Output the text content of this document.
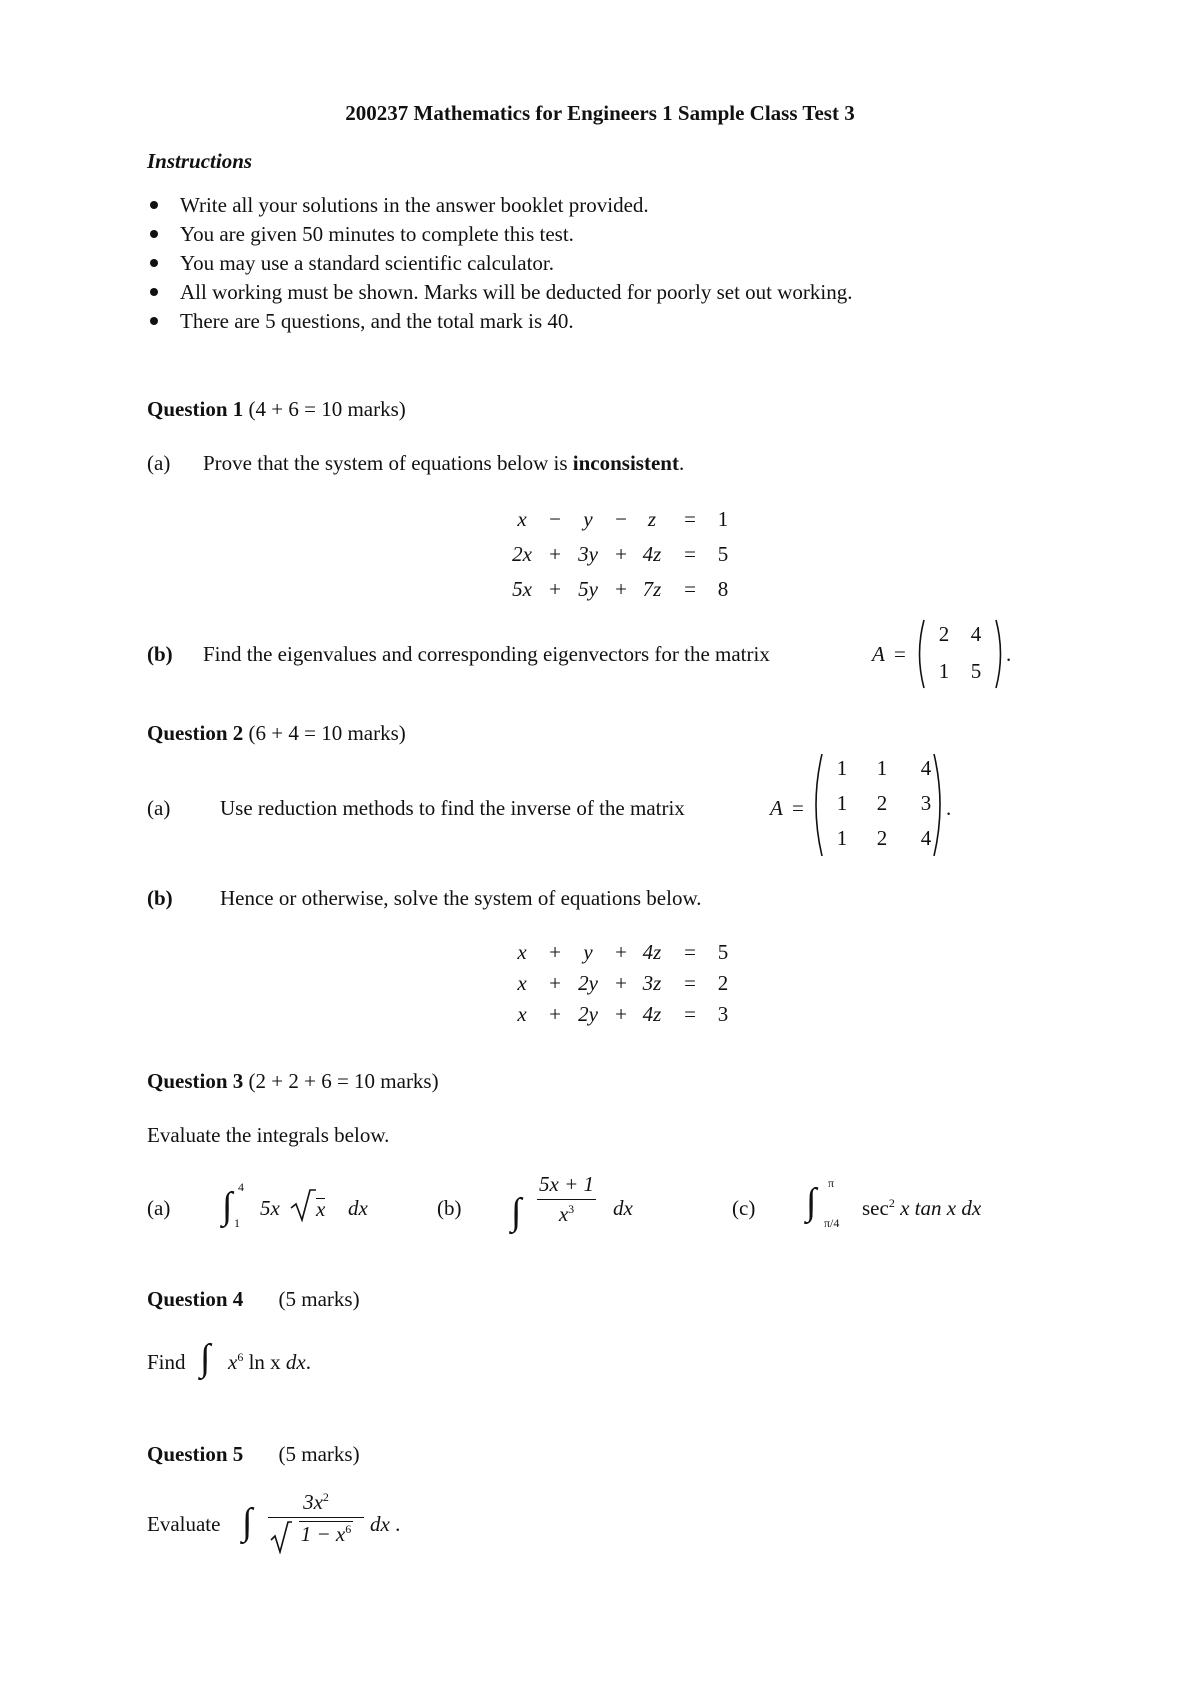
200237 Mathematics for Engineers 1 Sample Class Test 3
Instructions
Write all your solutions in the answer booklet provided.
You are given 50 minutes to complete this test.
You may use a standard scientific calculator.
All working must be shown. Marks will be deducted for poorly set out working.
There are 5 questions, and the total mark is 40.
Question 1 (4 + 6 = 10 marks)
(a) Prove that the system of equations below is inconsistent.
x	−	y	− z	=	1
2x + 3y + 4z	=	5
5x + 5y + 7z	=	8
(b) Find the eigenvalues and corresponding eigenvectors for the matrix	A =
2	4
1	5
.
Question 2 (6 + 4 = 10 marks)
(a) Use reduction methods to find the inverse of the matrix	A =
1	1	4
1	2	3
1	2	4
.
(b) Hence or otherwise, solve the system of equations below.
x	+	y	+ 4z	=	5
x	+ 2y + 3z	=	2
x	+ 2y + 4z	=	3
Question 3 (2 + 2 + 6 = 10 marks)
Evaluate the integrals below.
(a) ∫ 4
1
5x x dx	(b) ∫ $\frac{5x + 1}{x^3}$ dx	(c) ∫ π
π/4
$\sec^2 x$ tan x dx
Question 4 (5 marks)
Find ∫ $x^6$ ln x dx.
Question 5 (5 marks)
Evaluate ∫	$3x^2$
$1 - x^6$ dx .
